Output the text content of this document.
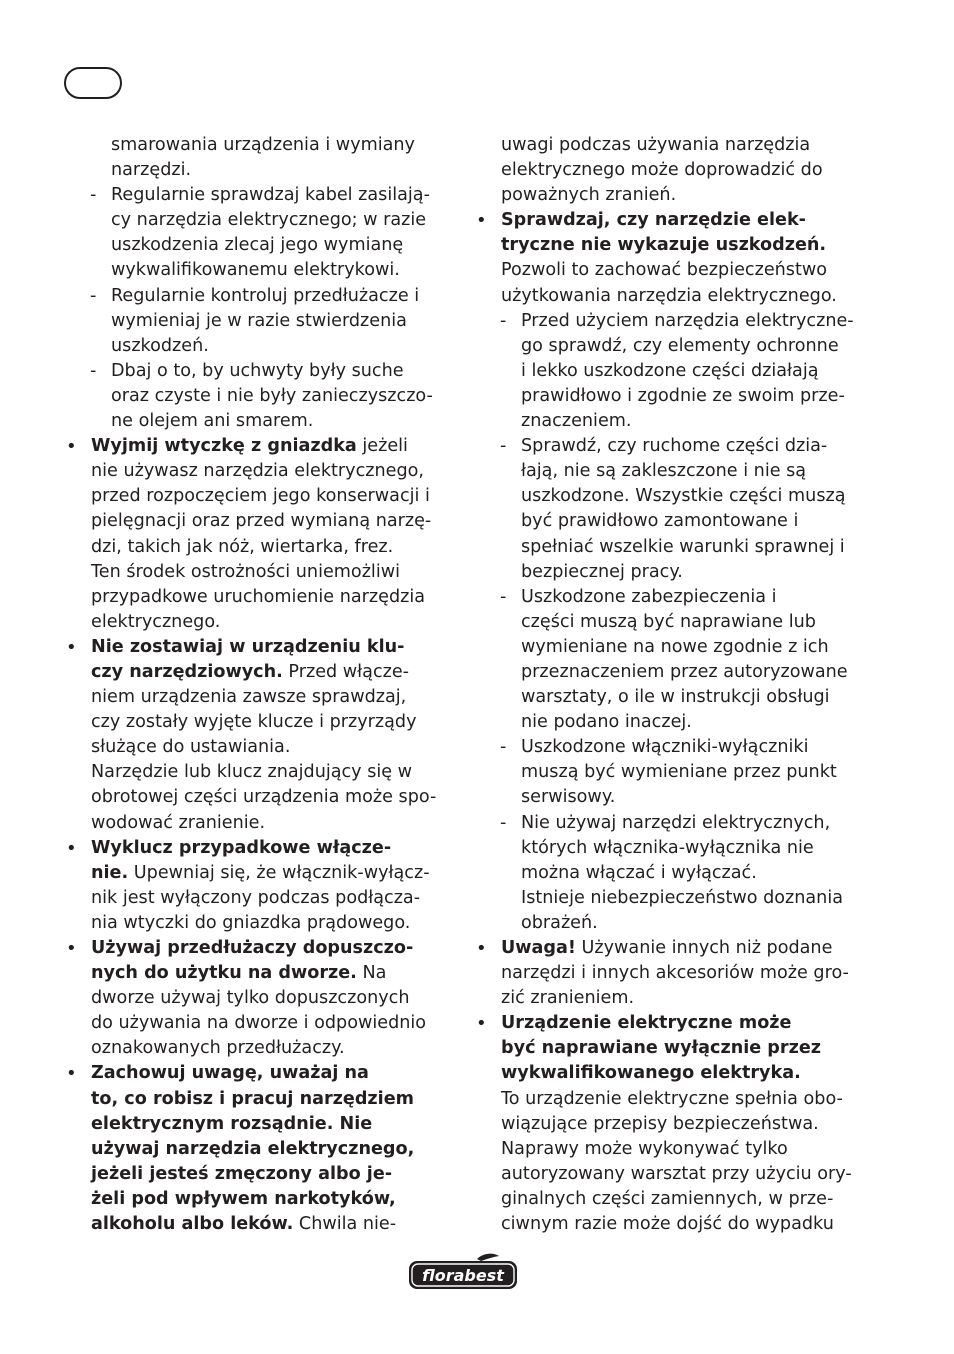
smarowania urządzenia i wymiany
narzędzi.
- Regularnie sprawdzaj kabel zasilają-
cy narzędzia elektrycznego; w razie
uszkodzenia zlecaj jego wymianę
wykwalifikowanemu elektrykowi.
- Regularnie kontroluj przedłużacze i
wymieniaj je w razie stwierdzenia
uszkodzeń.
- Dbaj o to, by uchwyty były suche
oraz czyste i nie były zanieczyszczo-
ne olejem ani smarem.
• Wyjmij wtyczkę z gniazdka jeżeli
nie używasz narzędzia elektrycznego,
przed rozpoczęciem jego konserwacji i
pielęgnacji oraz przed wymianą narzę-
dzi, takich jak nóż, wiertarka, frez.
Ten środek ostrożności uniemożliwi
przypadkowe uruchomienie narzędzia
elektrycznego.
• Nie zostawiaj w urządzeniu klu-
czy narzędziowych. Przed włącze-
niem urządzenia zawsze sprawdzaj,
czy zostały wyjęte klucze i przyrządy
służące do ustawiania.
Narzędzie lub klucz znajdujący się w
obrotowej części urządzenia może spo-
wodować zranienie.
• Wyklucz przypadkowe włącze-
nie. Upewniaj się, że włącznik-wyłącz-
nik jest wyłączony podczas podłącza-
nia wtyczki do gniazdka prądowego.
• Używaj przedłużaczy dopuszczo-
nych do użytku na dworze. Na
dworze używaj tylko dopuszczonych
do używania na dworze i odpowiednio
oznakowanych przedłużaczy.
• Zachowuj uwagę, uważaj na
to, co robisz i pracuj narzędziem
elektrycznym rozsądnie. Nie
używaj narzędzia elektrycznego,
jeżeli jesteś zmęczony albo je-
żeli pod wpływem narkotyków,
alkoholu albo leków. Chwila nie-
uwagi podczas używania narzędzia
elektrycznego może doprowadzić do
poważnych zranień.
• Sprawdzaj, czy narzędzie elek-
tryczne nie wykazuje uszkodzeń.
Pozwoli to zachować bezpieczeństwo
użytkowania narzędzia elektrycznego.
- Przed użyciem narzędzia elektryczne-
go sprawdź, czy elementy ochronne
i lekko uszkodzone części działają
prawidłowo i zgodnie ze swoim prze-
znaczeniem.
- Sprawdź, czy ruchome części dzia-
łają, nie są zakleszczone i nie są
uszkodzone. Wszystkie części muszą
być prawidłowo zamontowane i
spełniać wszelkie warunki sprawnej i
bezpiecznej pracy.
- Uszkodzone zabezpieczenia i
części muszą być naprawiane lub
wymieniane na nowe zgodnie z ich
przeznaczeniem przez autoryzowane
warsztaty, o ile w instrukcji obsługi
nie podano inaczej.
- Uszkodzone włączniki-wyłączniki
muszą być wymieniane przez punkt
serwisowy.
- Nie używaj narzędzi elektrycznych,
których włącznika-wyłącznika nie
można włączać i wyłączać.
Istnieje niebezpieczeństwo doznania
obrażeń.
• Uwaga! Używanie innych niż podane
narzędzi i innych akcesoriów może gro-
zić zranieniem.
• Urządzenie elektryczne może
być naprawiane wyłącznie przez
wykwalifikowanego elektryka.
To urządzenie elektryczne spełnia obo-
wiązujące przepisy bezpieczeństwa.
Naprawy może wykonywać tylko
autoryzowany warsztat przy użyciu ory-
ginalnych części zamiennych, w prze-
ciwnym razie może dojść do wypadku
florabest
